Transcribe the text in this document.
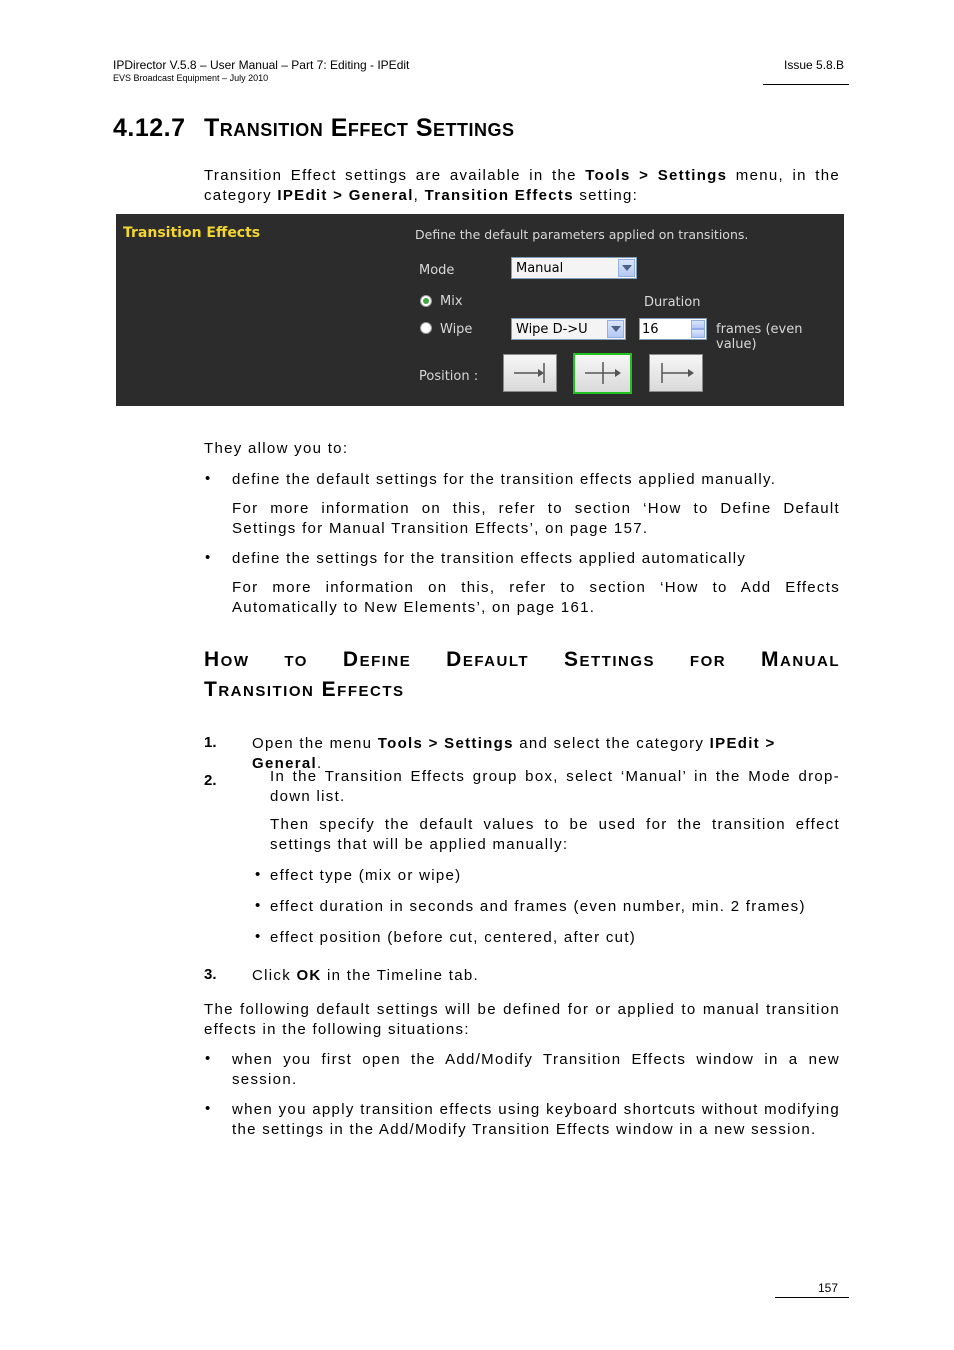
IPDirector V.5.8 – User Manual – Part 7: Editing - IPEdit
EVS Broadcast Equipment – July 2010
Issue 5.8.B
4.12.7 Transition Effect Settings
Transition Effect settings are available in the Tools > Settings menu, in the category IPEdit > General, Transition Effects setting:
Transition Effects	Define the default parameters applied on transitions.
Mode	Manual
Mix	Duration
Wipe	Wipe D->U	16	frames (even value)
Position :
They allow you to:
• define the default settings for the transition effects applied manually.
For more information on this, refer to section ‘How to Define Default Settings for Manual Transition Effects’, on page 157.
• define the settings for the transition effects applied automatically
For more information on this, refer to section ‘How to Add Effects Automatically to New Elements’, on page 161.
How to Define Default Settings for Manual
Transition Effects
1. Open the menu Tools > Settings and select the category IPEdit > General.
2.	In the Transition Effects group box, select ‘Manual’ in the Mode drop-down list.
Then specify the default values to be used for the transition effect settings that will be applied manually:
• effect type (mix or wipe)
• effect duration in seconds and frames (even number, min. 2 frames)
• effect position (before cut, centered, after cut)
3. Click OK in the Timeline tab.
The following default settings will be defined for or applied to manual transition effects in the following situations:
• when you first open the Add/Modify Transition Effects window in a new session.
• when you apply transition effects using keyboard shortcuts without modifying the settings in the Add/Modify Transition Effects window in a new session.
157
